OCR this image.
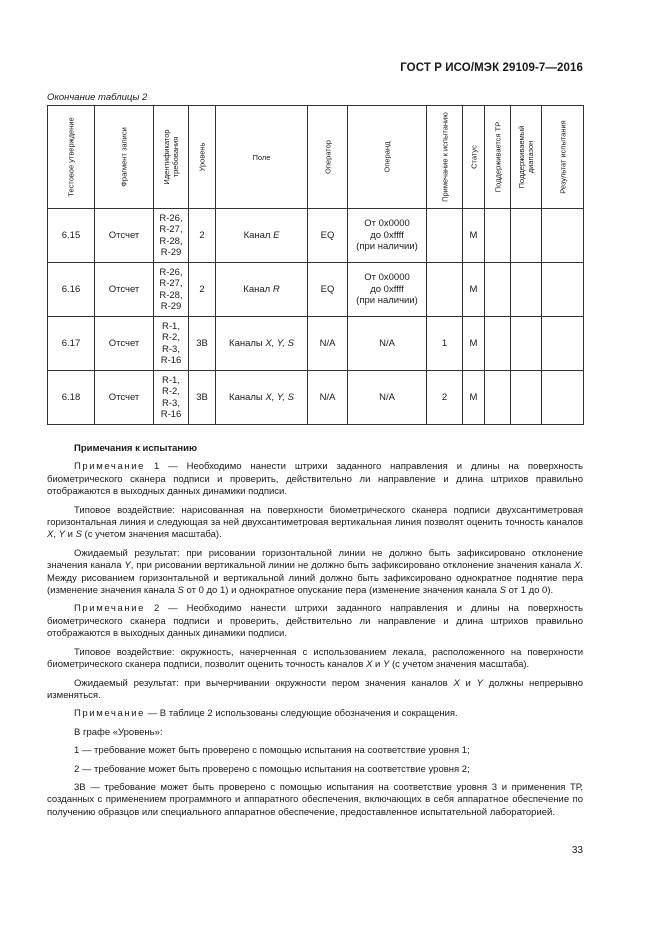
ГОСТ Р ИСО/МЭК 29109-7—2016
Окончание таблицы 2
Тестовое утверждение	Фрагмент записи	Идентификатор требования	Уровень	Поле	Оператор	Операнд	Примечание к испытанию	Статус	Поддерживается ТР	Поддерживаемый диапазон	Результат испытания

6.15	Отсчет	R-26,
R-27,
R-28,
R-29	2	Канал E	EQ	От 0x0000
до 0xffff
(при наличии)		M			
6.16	Отсчет	R-26,
R-27,
R-28,
R-29	2	Канал R	EQ	От 0x0000
до 0xffff
(при наличии)		M			
6.17	Отсчет	R-1,
R-2,
R-3,
R-16	3B	Каналы X, Y, S	N/A	N/A	1	M			
6.18	Отсчет	R-1,
R-2,
R-3,
R-16	3B	Каналы X, Y, S	N/A	N/A	2	M			

Примечания к испытанию

Примечание 1 — Необходимо нанести штрихи заданного направления и длины на поверхность биометрического сканера подписи и проверить, действительно ли направление и длина штрихов правильно отображаются в выходных данных динамики подписи.

Типовое воздействие: нарисованная на поверхности биометрического сканера подписи двухсантиметровая горизонтальная линия и следующая за ней двухсантиметровая вертикальная линия позволят оценить точность каналов X, Y и S (с учетом значения масштаба).

Ожидаемый результат: при рисовании горизонтальной линии не должно быть зафиксировано отклонение значения канала Y, при рисовании вертикальной линии не должно быть зафиксировано отклонение значения канала X. Между рисованием горизонтальной и вертикальной линий должно быть зафиксировано однократное поднятие пера (изменение значения канала S от 0 до 1) и однократное опускание пера (изменение значения канала S от 1 до 0).

Примечание 2 — Необходимо нанести штрихи заданного направления и длины на поверхность биометрического сканера подписи и проверить, действительно ли направление и длина штрихов правильно отображаются в выходных данных динамики подписи.

Типовое воздействие: окружность, начерченная с использованием лекала, расположенного на поверхности биометрического сканера подписи, позволит оценить точность каналов X и Y (с учетом значения масштаба).

Ожидаемый результат: при вычерчивании окружности пером значения каналов X и Y должны непрерывно изменяться.

Примечание — В таблице 2 использованы следующие обозначения и сокращения.

В графе «Уровень»:

1 — требование может быть проверено с помощью испытания на соответствие уровня 1;

2 — требование может быть проверено с помощью испытания на соответствие уровня 2;

3B — требование может быть проверено с помощью испытания на соответствие уровня 3 и применения ТР, созданных с применением программного и аппаратного обеспечения, включающих в себя аппаратное обеспечение по получению образцов или специального аппаратное обеспечение, предоставленное испытательной лабораторией.

33
